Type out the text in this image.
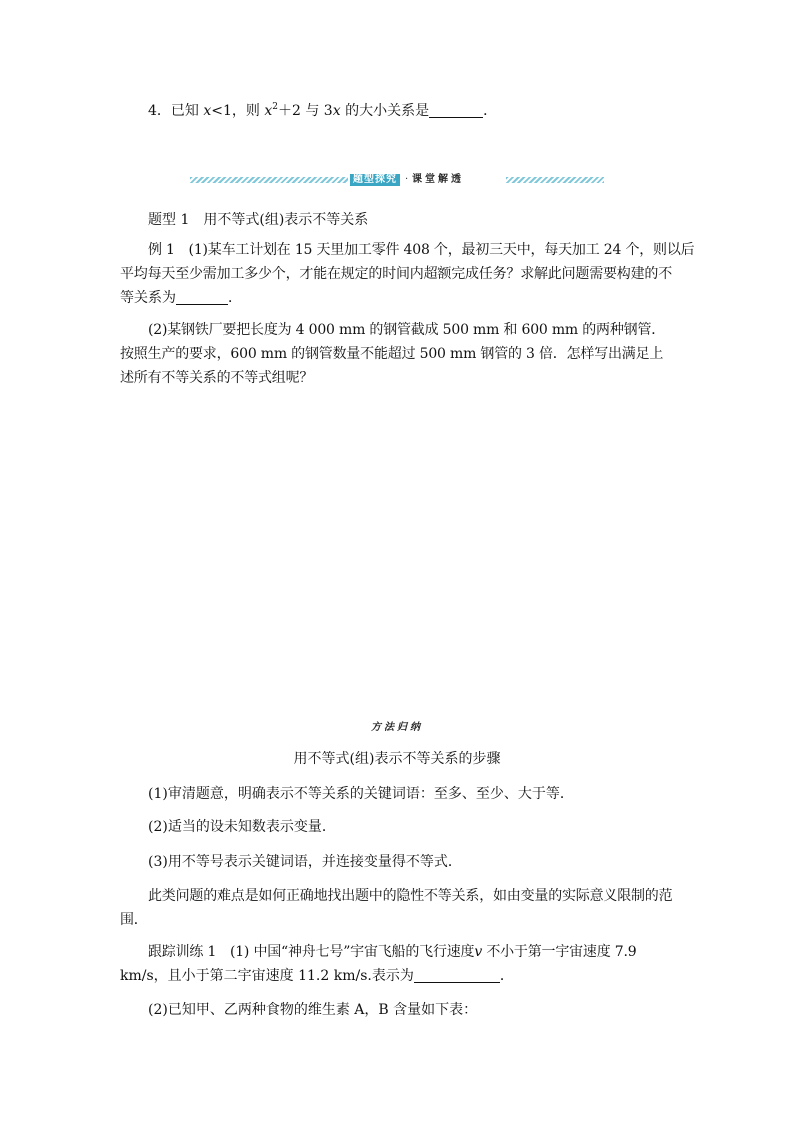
4．已知 x<1，则 $x^2+2$ 与 3x 的大小关系是	．
题型探究 · 课堂解透
题型 1　用不等式(组)表示不等关系
例 1　(1)某车工计划在 15 天里加工零件 408 个，最初三天中，每天加工 24 个，则以后
平均每天至少需加工多少个，才能在规定的时间内超额完成任务？求解此问题需要构建的不
等关系为	．
(2)某钢铁厂要把长度为 4 000 mm 的钢管截成 500 mm 和 600 mm 的两种钢管．按照生产的要求，600 mm 的钢管数量不能超过 500 mm 钢管的 3 倍．怎样写出满足上述所有不等关系的不等式组呢？
方法归纳
用不等式(组)表示不等关系的步骤
(1)审清题意，明确表示不等关系的关键词语：至多、至少、大于等．
(2)适当的设未知数表示变量．
(3)用不等号表示关键词语，并连接变量得不等式．
此类问题的难点是如何正确地找出题中的隐性不等关系，如由变量的实际意义限制的范围．
跟踪训练 1　(1) 中国“神舟七号”宇宙飞船的飞行速度v 不小于第一宇宙速度 7.9
km/s，且小于第二宇宙速度 11.2 km/s.表示为	．
(2)已知甲、乙两种食物的维生素 A，B 含量如下表：
